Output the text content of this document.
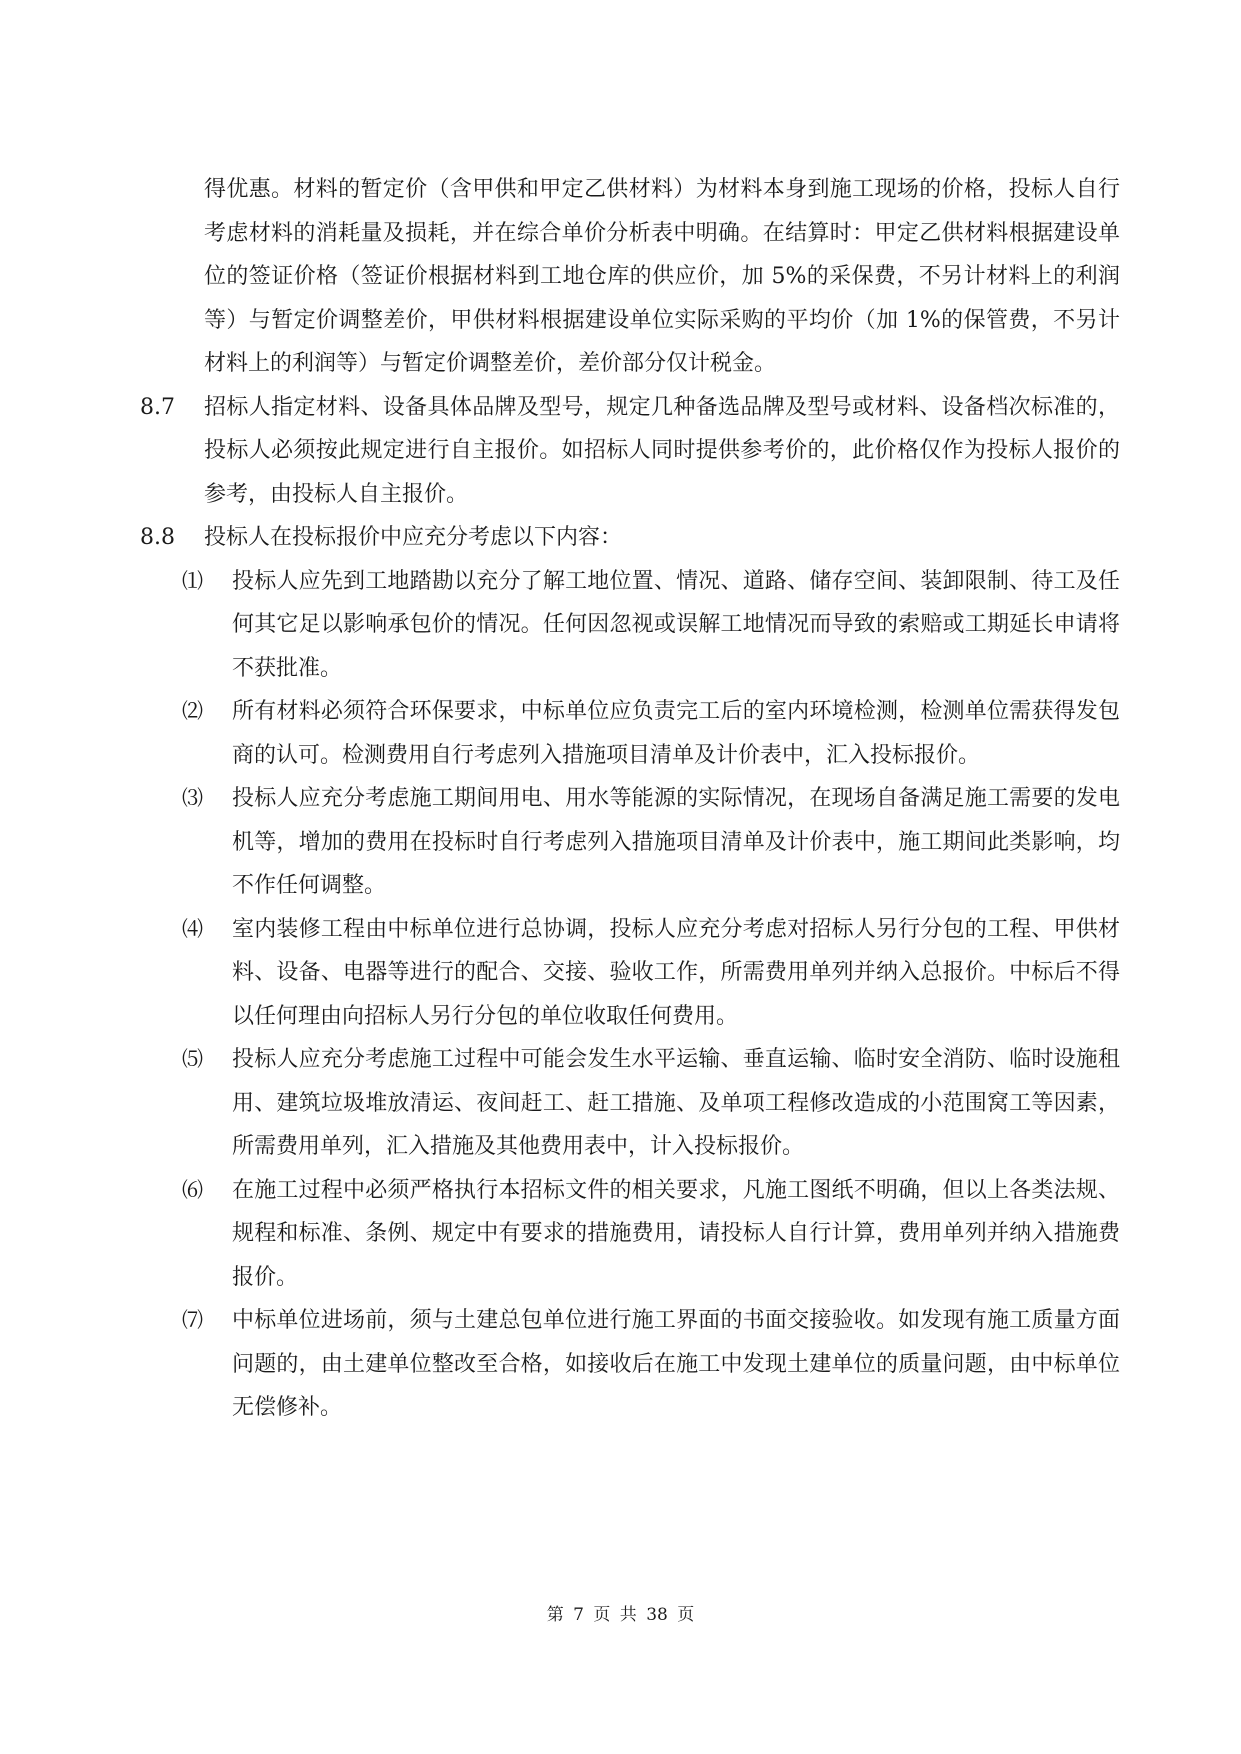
得优惠。材料的暂定价（含甲供和甲定乙供材料）为材料本身到施工现场的价格，投标人自行考虑材料的消耗量及损耗，并在综合单价分析表中明确。在结算时：甲定乙供材料根据建设单位的签证价格（签证价根据材料到工地仓库的供应价，加 5%的采保费，不另计材料上的利润等）与暂定价调整差价，甲供材料根据建设单位实际采购的平均价（加 1%的保管费，不另计材料上的利润等）与暂定价调整差价，差价部分仅计税金。

8.7	招标人指定材料、设备具体品牌及型号，规定几种备选品牌及型号或材料、设备档次标准的，投标人必须按此规定进行自主报价。如招标人同时提供参考价的，此价格仅作为投标人报价的参考，由投标人自主报价。
8.8	投标人在投标报价中应充分考虑以下内容：
⑴	投标人应先到工地踏勘以充分了解工地位置、情况、道路、储存空间、装卸限制、待工及任何其它足以影响承包价的情况。任何因忽视或误解工地情况而导致的索赔或工期延长申请将不获批准。
⑵	所有材料必须符合环保要求，中标单位应负责完工后的室内环境检测，检测单位需获得发包商的认可。检测费用自行考虑列入措施项目清单及计价表中，汇入投标报价。
⑶	投标人应充分考虑施工期间用电、用水等能源的实际情况，在现场自备满足施工需要的发电机等，增加的费用在投标时自行考虑列入措施项目清单及计价表中，施工期间此类影响，均不作任何调整。
⑷	室内装修工程由中标单位进行总协调，投标人应充分考虑对招标人另行分包的工程、甲供材料、设备、电器等进行的配合、交接、验收工作，所需费用单列并纳入总报价。中标后不得以任何理由向招标人另行分包的单位收取任何费用。
⑸	投标人应充分考虑施工过程中可能会发生水平运输、垂直运输、临时安全消防、临时设施租用、建筑垃圾堆放清运、夜间赶工、赶工措施、及单项工程修改造成的小范围窝工等因素，所需费用单列，汇入措施及其他费用表中，计入投标报价。
⑹	在施工过程中必须严格执行本招标文件的相关要求，凡施工图纸不明确，但以上各类法规、规程和标准、条例、规定中有要求的措施费用，请投标人自行计算，费用单列并纳入措施费报价。
⑺	中标单位进场前，须与土建总包单位进行施工界面的书面交接验收。如发现有施工质量方面问题的，由土建单位整改至合格，如接收后在施工中发现土建单位的质量问题，由中标单位无偿修补。
第 7 页 共 38 页
